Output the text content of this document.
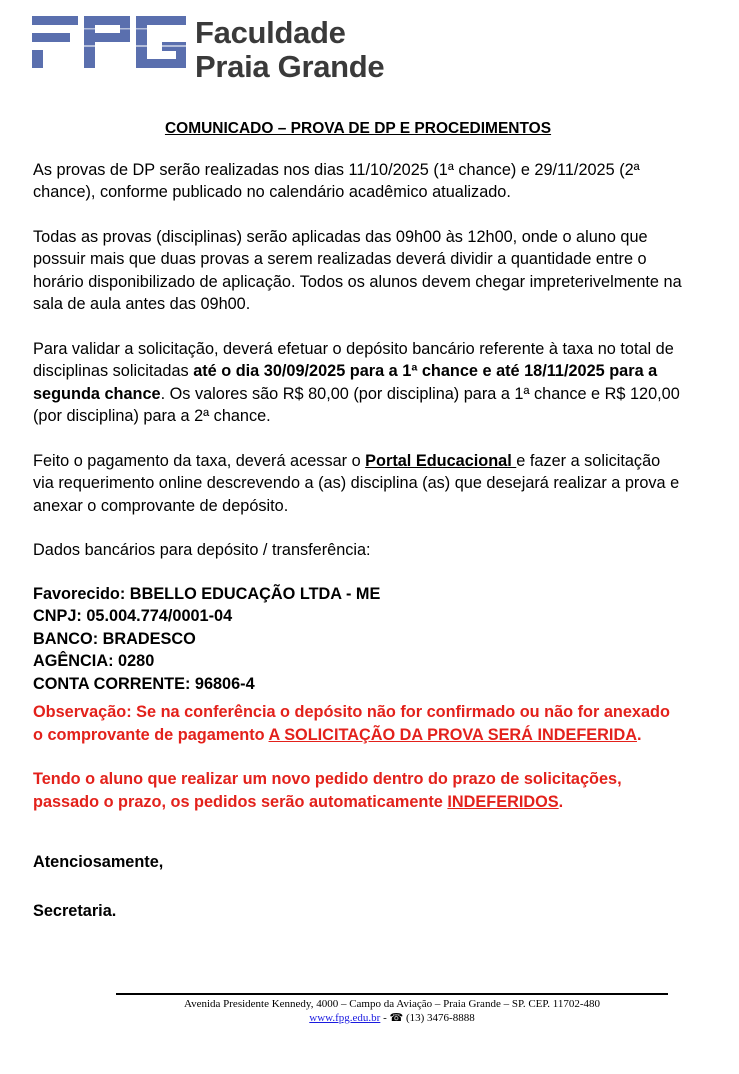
Faculdade
Praia Grande
COMUNICADO – PROVA DE DP E PROCEDIMENTOS

As provas de DP serão realizadas nos dias 11/10/2025 (1ª chance) e 29/11/2025 (2ª chance), conforme publicado no calendário acadêmico atualizado.

Todas as provas (disciplinas) serão aplicadas das 09h00 às 12h00, onde o aluno que possuir mais que duas provas a serem realizadas deverá dividir a quantidade entre o horário disponibilizado de aplicação. Todos os alunos devem chegar impreterivelmente na sala de aula antes das 09h00.

Para validar a solicitação, deverá efetuar o depósito bancário referente à taxa no total de disciplinas solicitadas até o dia 30/09/2025 para a 1ª chance e até 18/11/2025 para a segunda chance. Os valores são R$ 80,00 (por disciplina) para a 1ª chance e R$ 120,00 (por disciplina) para a 2ª chance.

Feito o pagamento da taxa, deverá acessar o Portal Educacional e fazer a solicitação via requerimento online descrevendo a (as) disciplina (as) que desejará realizar a prova e anexar o comprovante de depósito.

Dados bancários para depósito / transferência:

Favorecido: BBELLO EDUCAÇÃO LTDA - ME
CNPJ: 05.004.774/0001-04
BANCO: BRADESCO
AGÊNCIA: 0280
CONTA CORRENTE: 96806-4

Observação: Se na conferência o depósito não for confirmado ou não for anexado o comprovante de pagamento A SOLICITAÇÃO DA PROVA SERÁ INDEFERIDA.

Tendo o aluno que realizar um novo pedido dentro do prazo de solicitações, passado o prazo, os pedidos serão automaticamente INDEFERIDOS.

Atenciosamente,

Secretaria.

Avenida Presidente Kennedy, 4000 – Campo da Aviação – Praia Grande – SP. CEP. 11702-480
www.fpg.edu.br - ☎ (13) 3476-8888
